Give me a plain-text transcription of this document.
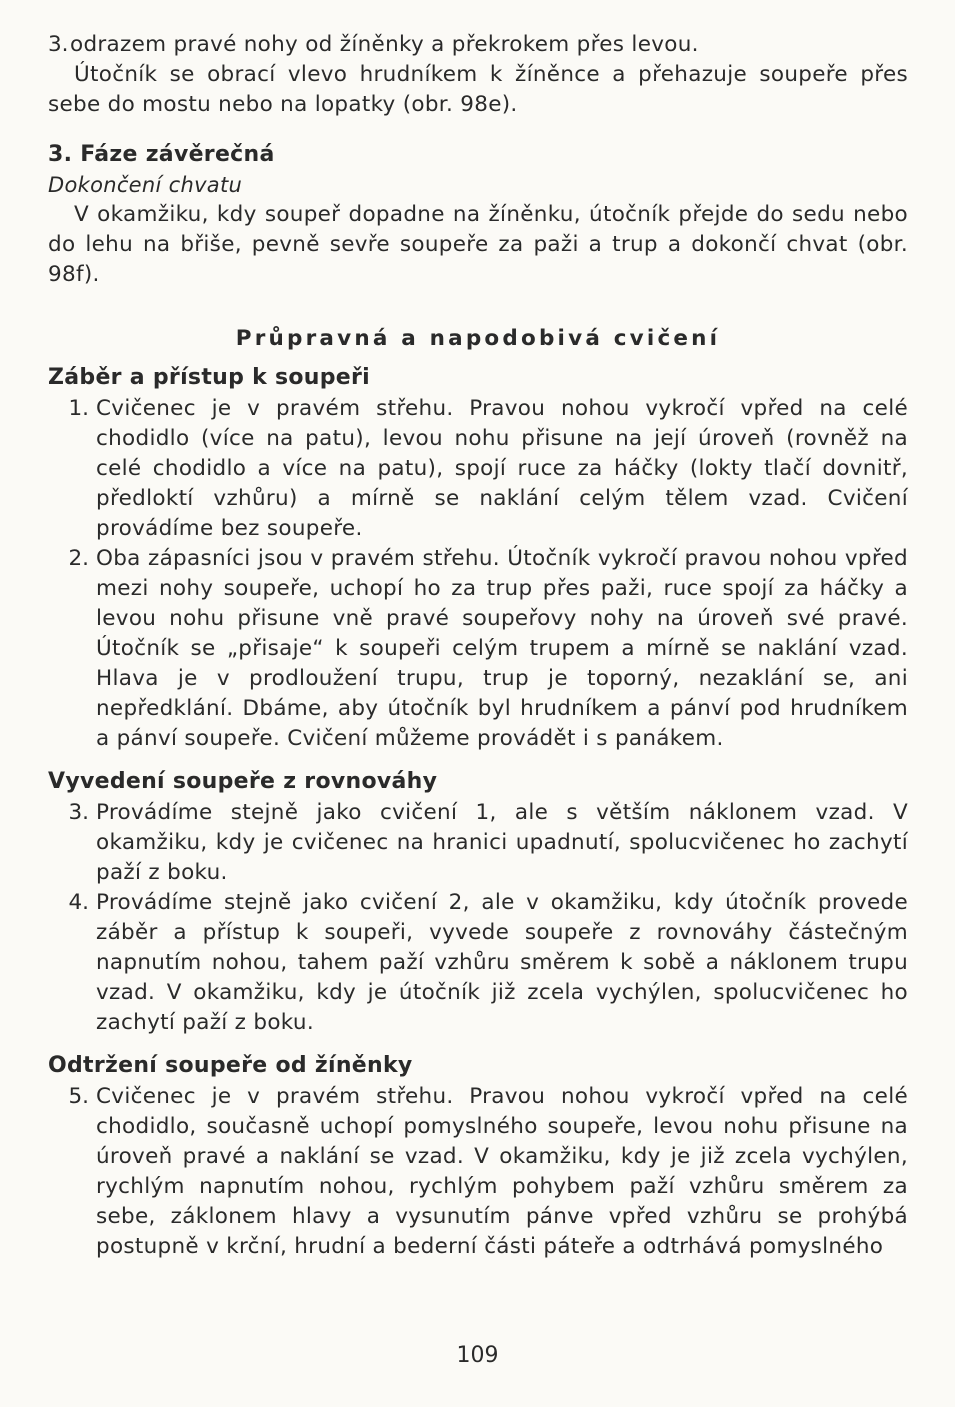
3. odrazem pravé nohy od žíněnky a překrokem přes levou.

Útočník se obrací vlevo hrudníkem k žíněnce a přehazuje soupeře přes sebe do mostu nebo na lopatky (obr. 98e).

3. Fáze závěrečná

Dokončení chvatu

V okamžiku, kdy soupeř dopadne na žíněnku, útočník přejde do sedu nebo do lehu na břiše, pevně sevře soupeře za paži a trup a dokončí chvat (obr. 98f).

Průpravná a napodobivá cvičení

Záběr a přístup k soupeři

1. Cvičenec je v pravém střehu. Pravou nohou vykročí vpřed na celé chodidlo (více na patu), levou nohu přisune na její úroveň (rovněž na celé chodidlo a více na patu), spojí ruce za háčky (lokty tlačí dovnitř, předloktí vzhůru) a mírně se naklání celým tělem vzad. Cvičení provádíme bez soupeře.

2. Oba zápasníci jsou v pravém střehu. Útočník vykročí pravou nohou vpřed mezi nohy soupeře, uchopí ho za trup přes paži, ruce spojí za háčky a levou nohu přisune vně pravé soupeřovy nohy na úroveň své pravé. Útočník se „přisaje“ k soupeři celým trupem a mírně se naklání vzad. Hlava je v prodloužení trupu, trup je toporný, nezaklání se, ani nepředklání. Dbáme, aby útočník byl hrudníkem a pánví pod hrudníkem a pánví soupeře. Cvičení můžeme provádět i s panákem.

Vyvedení soupeře z rovnováhy

3. Provádíme stejně jako cvičení 1, ale s větším náklonem vzad. V okamžiku, kdy je cvičenec na hranici upadnutí, spolucvičenec ho zachytí paží z boku.

4. Provádíme stejně jako cvičení 2, ale v okamžiku, kdy útočník provede záběr a přístup k soupeři, vyvede soupeře z rovnováhy částečným napnutím nohou, tahem paží vzhůru směrem k sobě a náklonem trupu vzad. V okamžiku, kdy je útočník již zcela vychýlen, spolucvičenec ho zachytí paží z boku.

Odtržení soupeře od žíněnky

5. Cvičenec je v pravém střehu. Pravou nohou vykročí vpřed na celé chodidlo, současně uchopí pomyslného soupeře, levou nohu přisune na úroveň pravé a naklání se vzad. V okamžiku, kdy je již zcela vychýlen, rychlým napnutím nohou, rychlým pohybem paží vzhůru směrem za sebe, záklonem hlavy a vysunutím pánve vpřed vzhůru se prohýbá postupně v krční, hrudní a bederní části páteře a odtrhává pomyslného

109
